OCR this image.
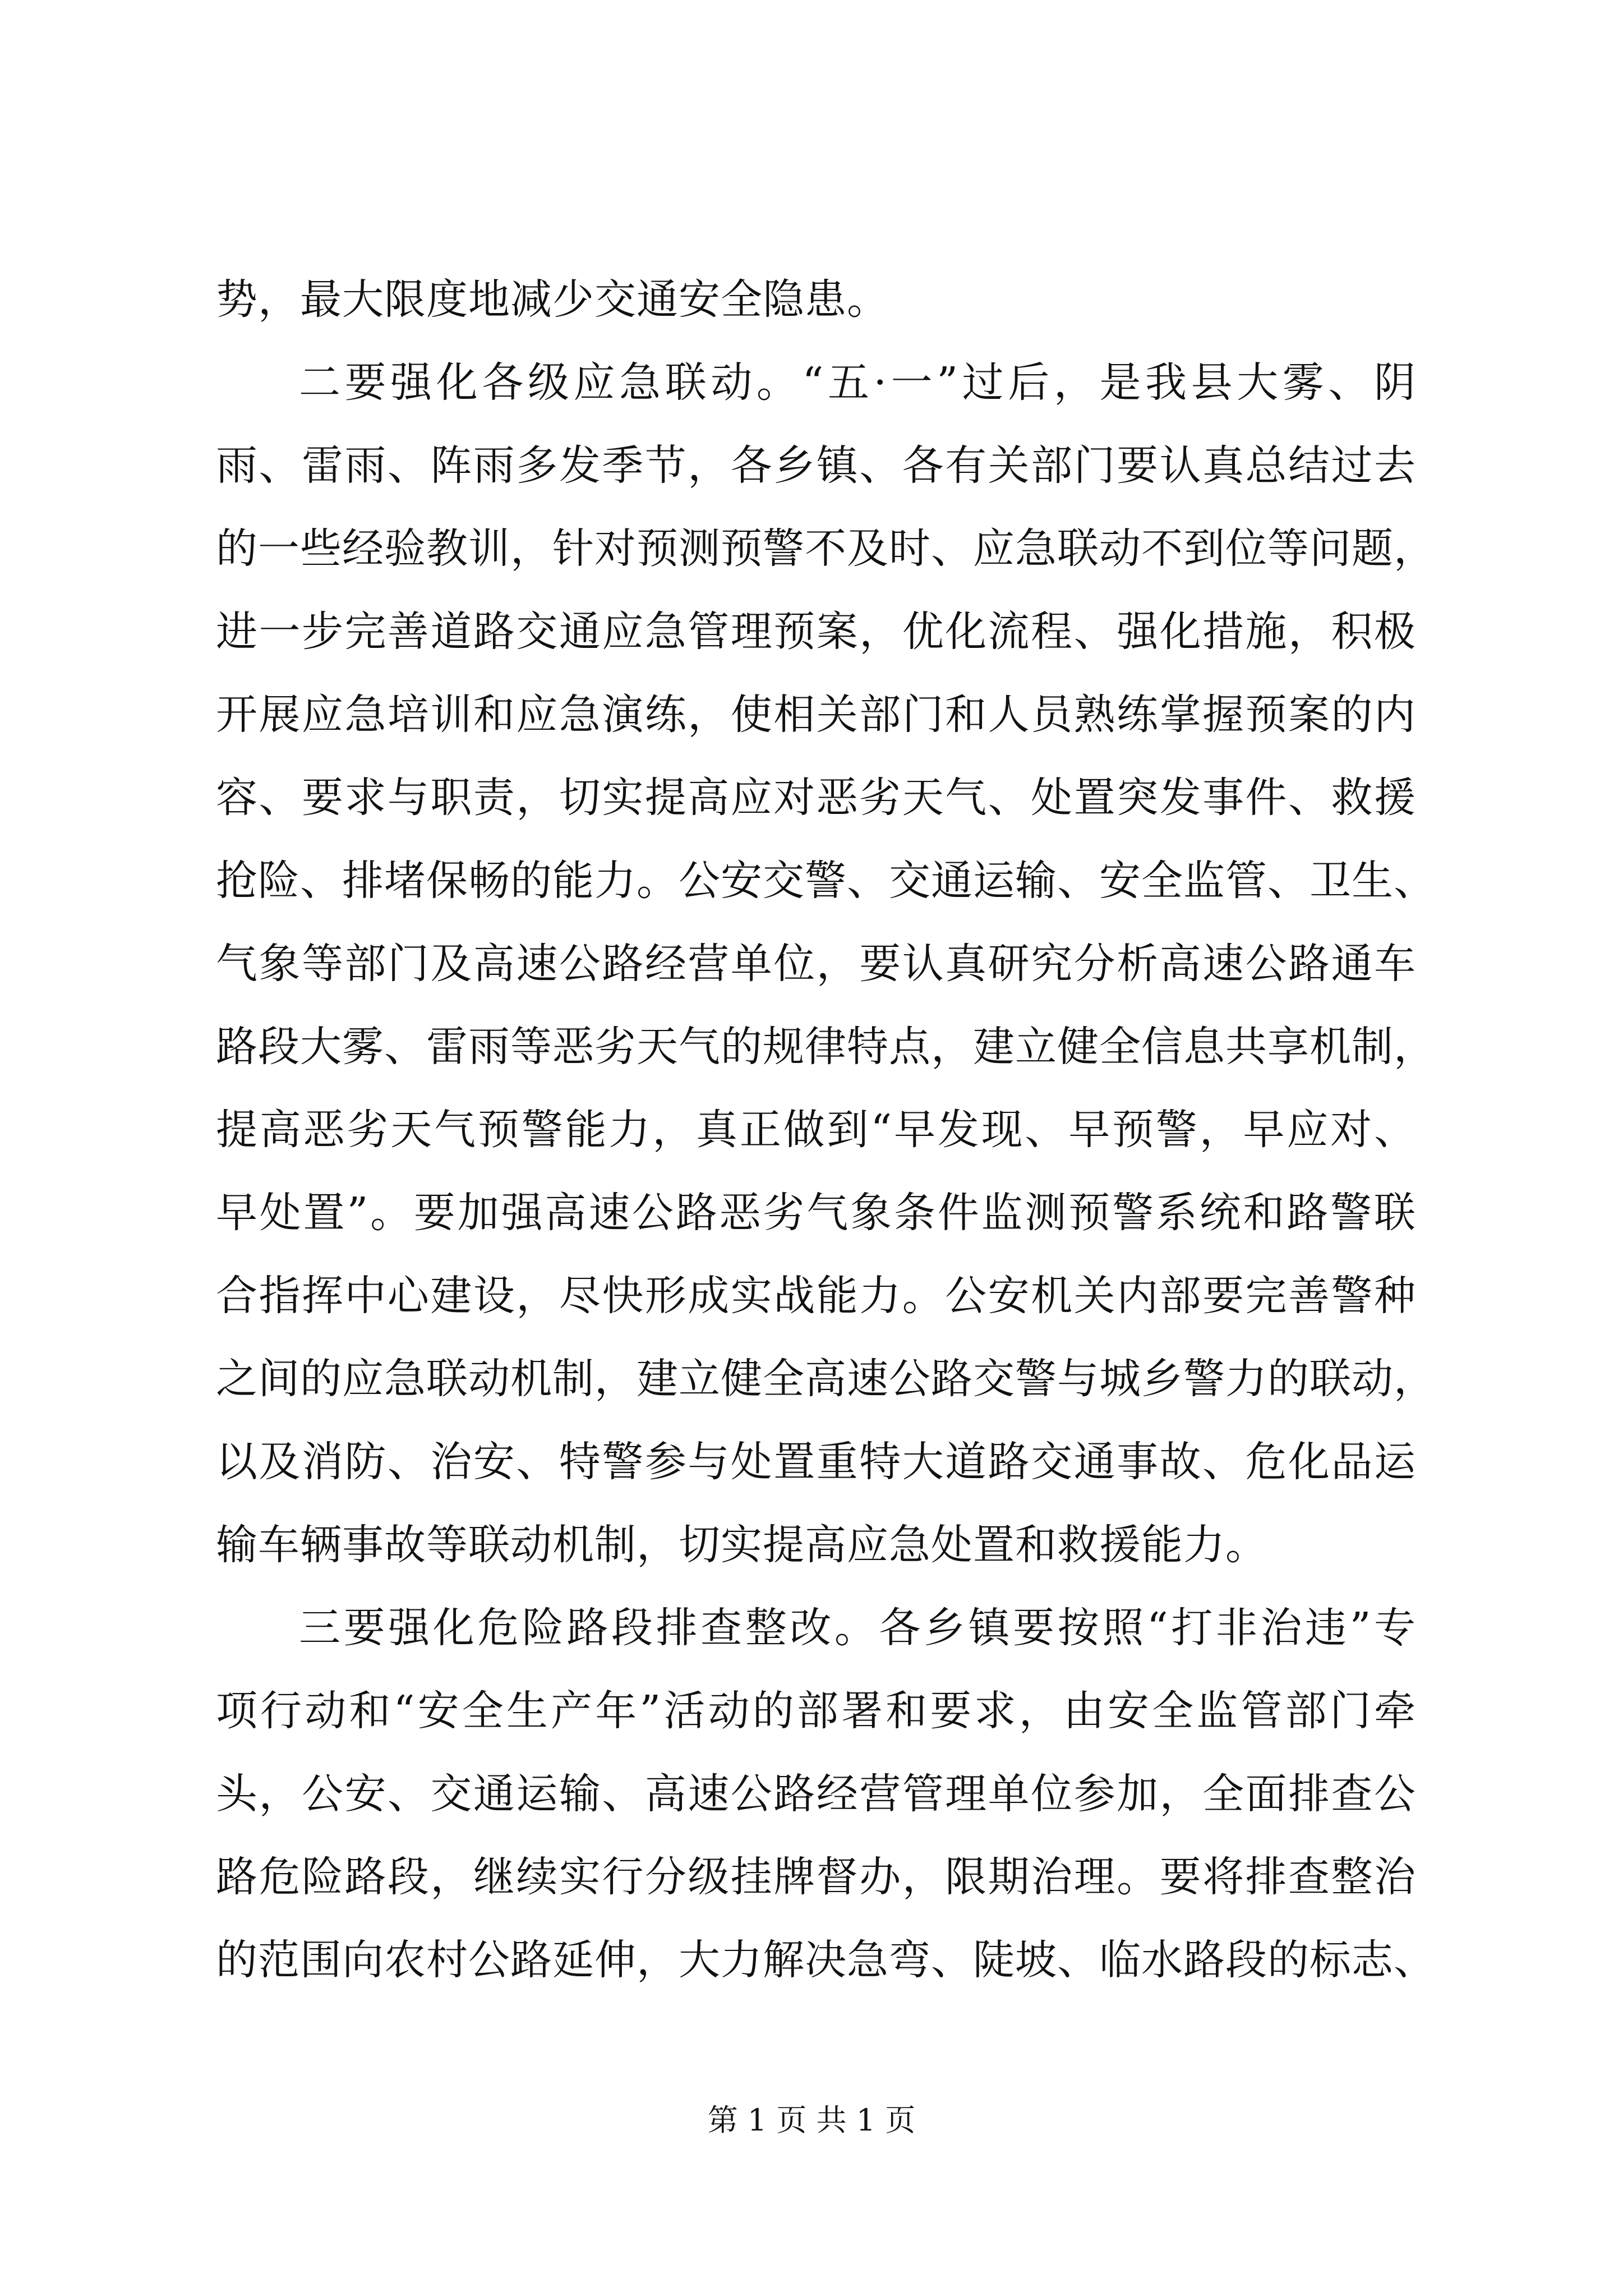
势，最大限度地减少交通安全隐患。
二要强化各级应急联动。“五·一”过后，是我县大雾、阴
雨、雷雨、阵雨多发季节，各乡镇、各有关部门要认真总结过去
的一些经验教训，针对预测预警不及时、应急联动不到位等问题，
进一步完善道路交通应急管理预案，优化流程、强化措施，积极
开展应急培训和应急演练，使相关部门和人员熟练掌握预案的内
容、要求与职责，切实提高应对恶劣天气、处置突发事件、救援
抢险、排堵保畅的能力。公安交警、交通运输、安全监管、卫生、
气象等部门及高速公路经营单位，要认真研究分析高速公路通车
路段大雾、雷雨等恶劣天气的规律特点，建立健全信息共享机制，
提高恶劣天气预警能力，真正做到“早发现、早预警，早应对、
早处置”。要加强高速公路恶劣气象条件监测预警系统和路警联
合指挥中心建设，尽快形成实战能力。公安机关内部要完善警种
之间的应急联动机制，建立健全高速公路交警与城乡警力的联动，
以及消防、治安、特警参与处置重特大道路交通事故、危化品运
输车辆事故等联动机制，切实提高应急处置和救援能力。
三要强化危险路段排查整改。各乡镇要按照“打非治违”专
项行动和“安全生产年”活动的部署和要求，由安全监管部门牵
头，公安、交通运输、高速公路经营管理单位参加，全面排查公
路危险路段，继续实行分级挂牌督办，限期治理。要将排查整治
的范围向农村公路延伸，大力解决急弯、陡坡、临水路段的标志、
第 1 页 共 1 页
